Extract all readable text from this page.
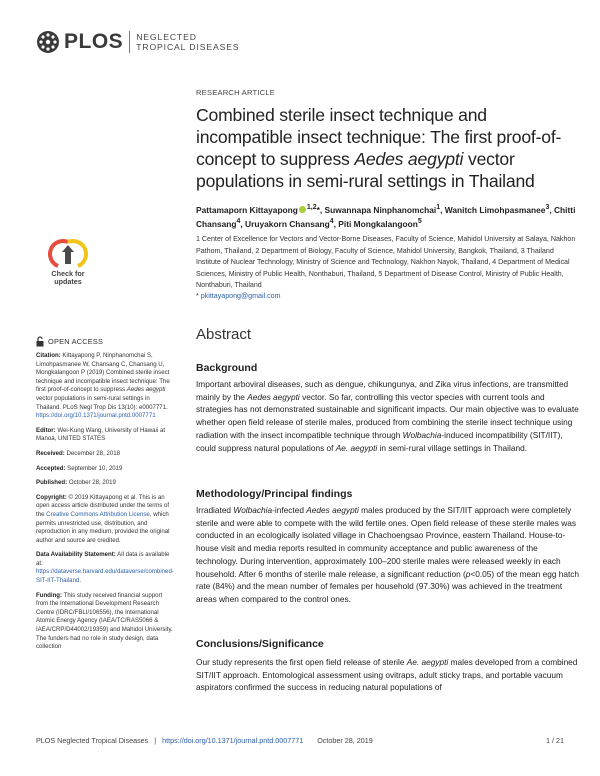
PLOS NEGLECTED
TROPICAL DISEASES
RESEARCH ARTICLE
Combined sterile insect technique and incompatible insect technique: The first proof-of-concept to suppress Aedes aegypti vector populations in semi-rural settings in Thailand
Pattamaporn Kittayapong $^{1,2}$*, Suwannapa Ninphanomchai$^1$, Wanitch Limohpasmanee$^3$, Chitti Chansang$^4$, Uruyakorn Chansang$^4$, Piti Mongkalangoon$^5$
1 Center of Excellence for Vectors and Vector-Borne Diseases, Faculty of Science, Mahidol University at Salaya, Nakhon Pathom, Thailand, 2 Department of Biology, Faculty of Science, Mahidol University, Bangkok, Thailand, 3 Thailand Institute of Nuclear Technology, Ministry of Science and Technology, Nakhon Nayok, Thailand, 4 Department of Medical Sciences, Ministry of Public Health, Nonthaburi, Thailand, 5 Department of Disease Control, Ministry of Public Health, Nonthaburi, Thailand
* pkittayapong@gmail.com
Check for
updates
OPEN ACCESS

Citation: Kittayapong P, Ninphanomchai S, Limohpasmanee W, Chansang C, Chansang U, Mongkalangoon P (2019) Combined sterile insect technique and incompatible insect technique: The first proof-of-concept to suppress Aedes aegypti vector populations in semi-rural settings in Thailand. PLoS Negl Trop Dis 13(10): e0007771. https://doi.org/10.1371/journal.pntd.0007771

Editor: Wei-Kung Wang, University of Hawaii at Manoa, UNITED STATES

Received: December 28, 2018

Accepted: September 10, 2019

Published: October 28, 2019

Copyright: © 2019 Kittayapong et al. This is an open access article distributed under the terms of the Creative Commons Attribution License, which permits unrestricted use, distribution, and reproduction in any medium, provided the original author and source are credited.

Data Availability Statement: All data is available at: https://dataverse.harvard.edu/dataverse/combined-SIT-IIT-Thailand.

Funding: This study received financial support from the International Development Research Centre (IDRC/FBLI/106556), the International Atomic Energy Agency (IAEA/TC/RAS5066 & IAEA/CRP/D44002/19359) and Mahidol University. The funders had no role in study design, data collection

Abstract
Background
Important arboviral diseases, such as dengue, chikungunya, and Zika virus infections, are transmitted mainly by the Aedes aegypti vector. So far, controlling this vector species with current tools and strategies has not demonstrated sustainable and significant impacts. Our main objective was to evaluate whether open field release of sterile males, produced from combining the sterile insect technique using radiation with the insect incompatible technique through Wolbachia-induced incompatibility (SIT/IIT), could suppress natural populations of Ae. aegypti in semi-rural village settings in Thailand.
Methodology/Principal findings
Irradiated Wolbachia-infected Aedes aegypti males produced by the SIT/IIT approach were completely sterile and were able to compete with the wild fertile ones. Open field release of these sterile males was conducted in an ecologically isolated village in Chachoengsao Province, eastern Thailand. House-to-house visit and media reports resulted in community acceptance and public awareness of the technology. During intervention, approximately 100–200 sterile males were released weekly in each household. After 6 months of sterile male release, a significant reduction (p<0.05) of the mean egg hatch rate (84%) and the mean number of females per household (97.30%) was achieved in the treatment areas when compared to the control ones.
Conclusions/Significance
Our study represents the first open field release of sterile Ae. aegypti males developed from a combined SIT/IIT approach. Entomological assessment using ovitraps, adult sticky traps, and portable vacuum aspirators confirmed the success in reducing natural populations of
PLOS Neglected Tropical Diseases | https://doi.org/10.1371/journal.pntd.0007771 October 28, 2019	1 / 21
